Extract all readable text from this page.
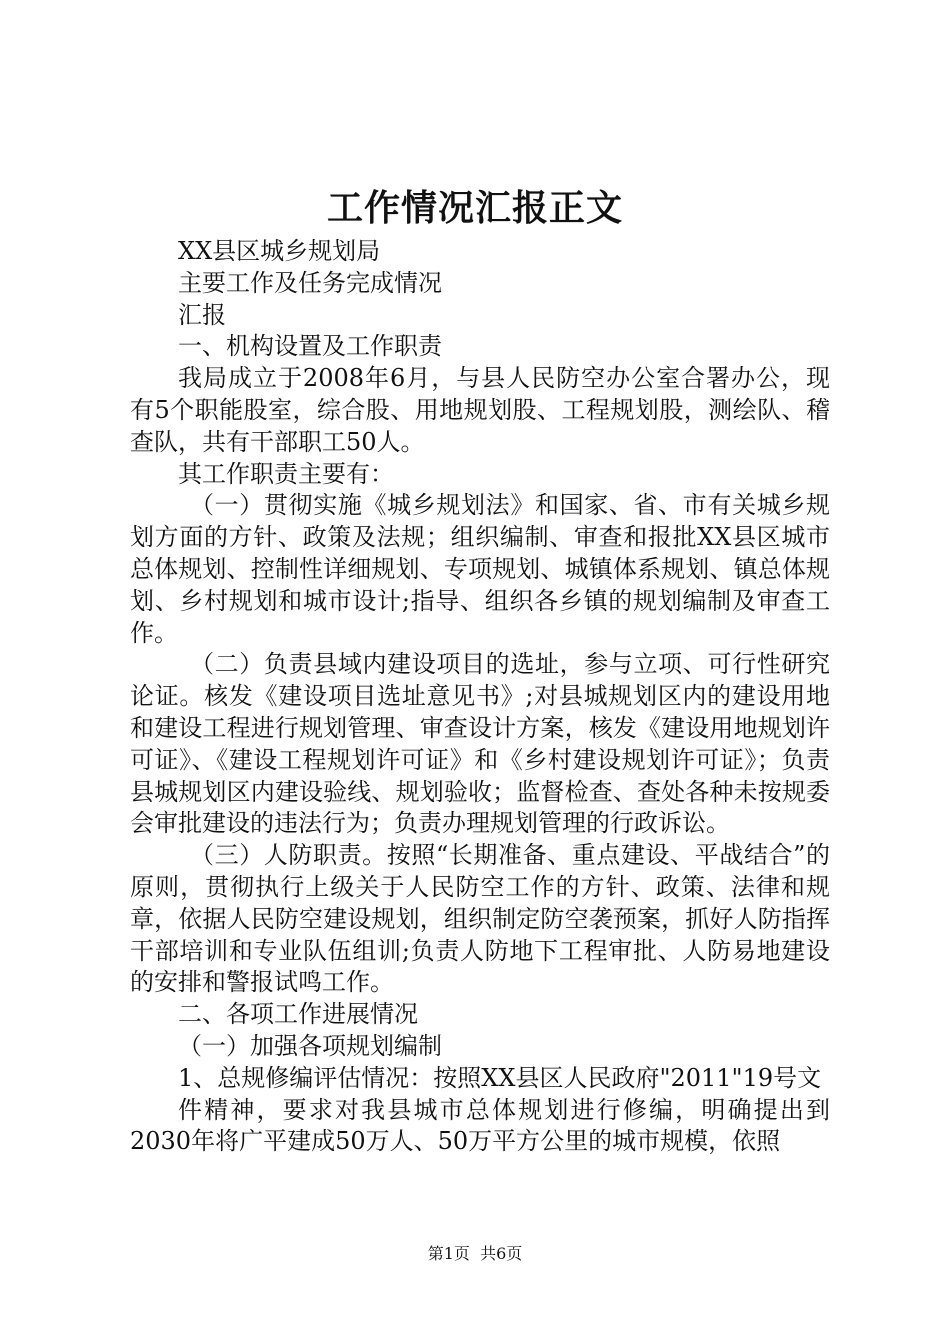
工作情况汇报正文

XX县区城乡规划局

主要工作及任务完成情况

汇报

一、机构设置及工作职责

我局成立于2008年6月，与县人民防空办公室合署办公，现有5个职能股室，综合股、用地规划股、工程规划股，测绘队、稽查队，共有干部职工50人。

其工作职责主要有：

（一）贯彻实施《城乡规划法》和国家、省、市有关城乡规划方面的方针、政策及法规；组织编制、审查和报批XX县区城市总体规划、控制性详细规划、专项规划、城镇体系规划、镇总体规划、乡村规划和城市设计;指导、组织各乡镇的规划编制及审查工作。

（二）负责县域内建设项目的选址，参与立项、可行性研究论证。核发《建设项目选址意见书》;对县城规划区内的建设用地和建设工程进行规划管理、审查设计方案，核发《建设用地规划许可证》、《建设工程规划许可证》和《乡村建设规划许可证》；负责县城规划区内建设验线、规划验收；监督检查、查处各种未按规委会审批建设的违法行为；负责办理规划管理的行政诉讼。

（三）人防职责。按照“长期准备、重点建设、平战结合”的原则，贯彻执行上级关于人民防空工作的方针、政策、法律和规章，依据人民防空建设规划，组织制定防空袭预案，抓好人防指挥干部培训和专业队伍组训;负责人防地下工程审批、人防易地建设的安排和警报试鸣工作。

二、各项工作进展情况

（一）加强各项规划编制

1、总规修编评估情况：按照XX县区人民政府"2011"19号文

件精神，要求对我县城市总体规划进行修编，明确提出到2030年将广平建成50万人、50万平方公里的城市规模，依照

第1页 共6页
